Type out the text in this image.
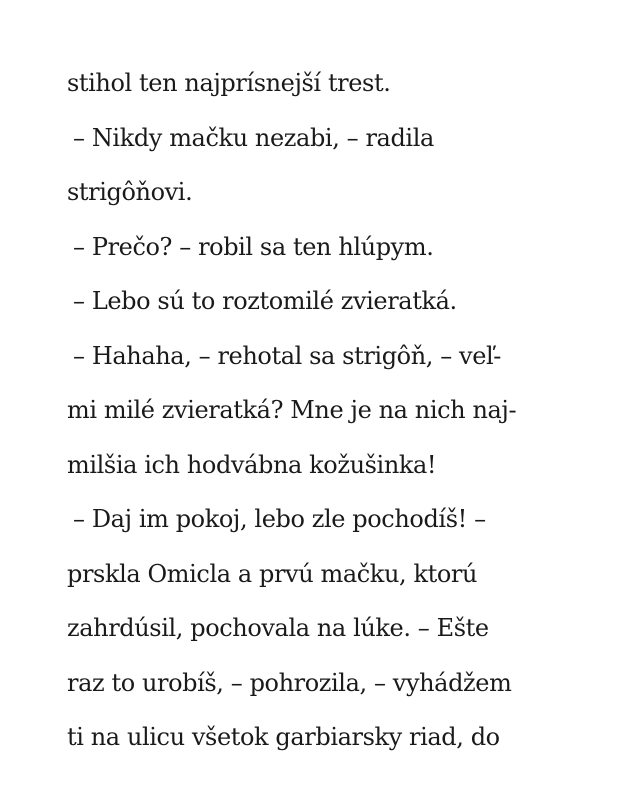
stihol ten najprísnejší trest.
– Nikdy mačku nezabi, – radila
strigôňovi.
– Prečo? – robil sa ten hlúpym.
– Lebo sú to roztomilé zvieratká.
– Hahaha, – rehotal sa strigôň, – veľ-
mi milé zvieratká? Mne je na nich naj-
milšia ich hodvábna kožušinka!
– Daj im pokoj, lebo zle pochodíš! –
prskla Omicla a prvú mačku, ktorú
zahrdúsil, pochovala na lúke. – Ešte
raz to urobíš, – pohrozila, – vyhádžem
ti na ulicu všetok garbiarsky riad, do
